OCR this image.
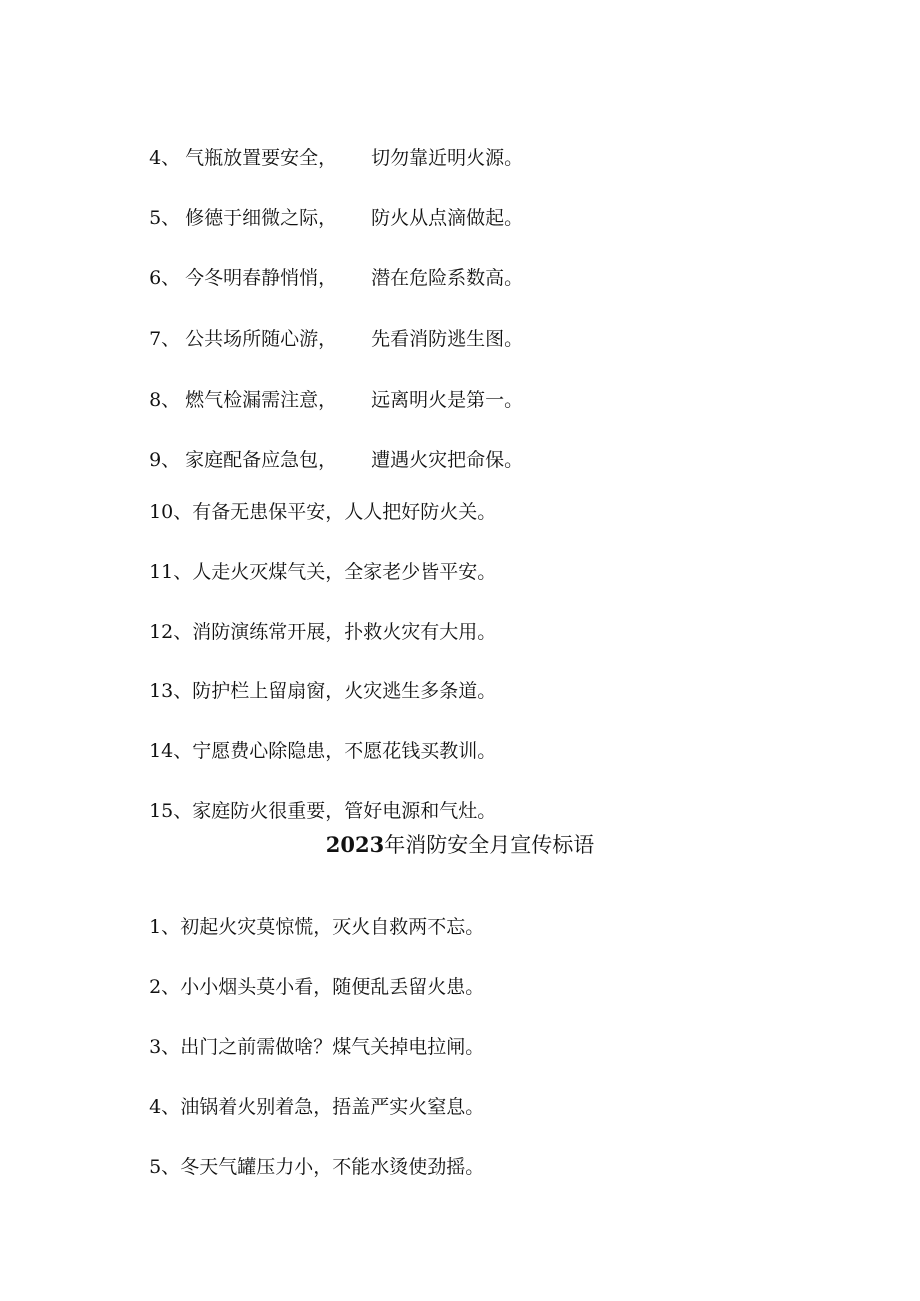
4、 气瓶放置要安全， 切勿靠近明火源。

5、 修德于细微之际， 防火从点滴做起。

6、 今冬明春静悄悄， 潜在危险系数高。

7、 公共场所随心游， 先看消防逃生图。

8、 燃气检漏需注意， 远离明火是第一。

9、 家庭配备应急包， 遭遇火灾把命保。

10、有备无患保平安，人人把好防火关。

11、人走火灭煤气关，全家老少皆平安。

12、消防演练常开展，扑救火灾有大用。

13、防护栏上留扇窗，火灾逃生多条道。

14、宁愿费心除隐患，不愿花钱买教训。

15、家庭防火很重要，管好电源和气灶。

2023年消防安全月宣传标语

1、初起火灾莫惊慌，灭火自救两不忘。

2、小小烟头莫小看，随便乱丢留火患。

3、出门之前需做啥？煤气关掉电拉闸。

4、油锅着火别着急，捂盖严实火窒息。

5、冬天气罐压力小，不能水烫使劲摇。
